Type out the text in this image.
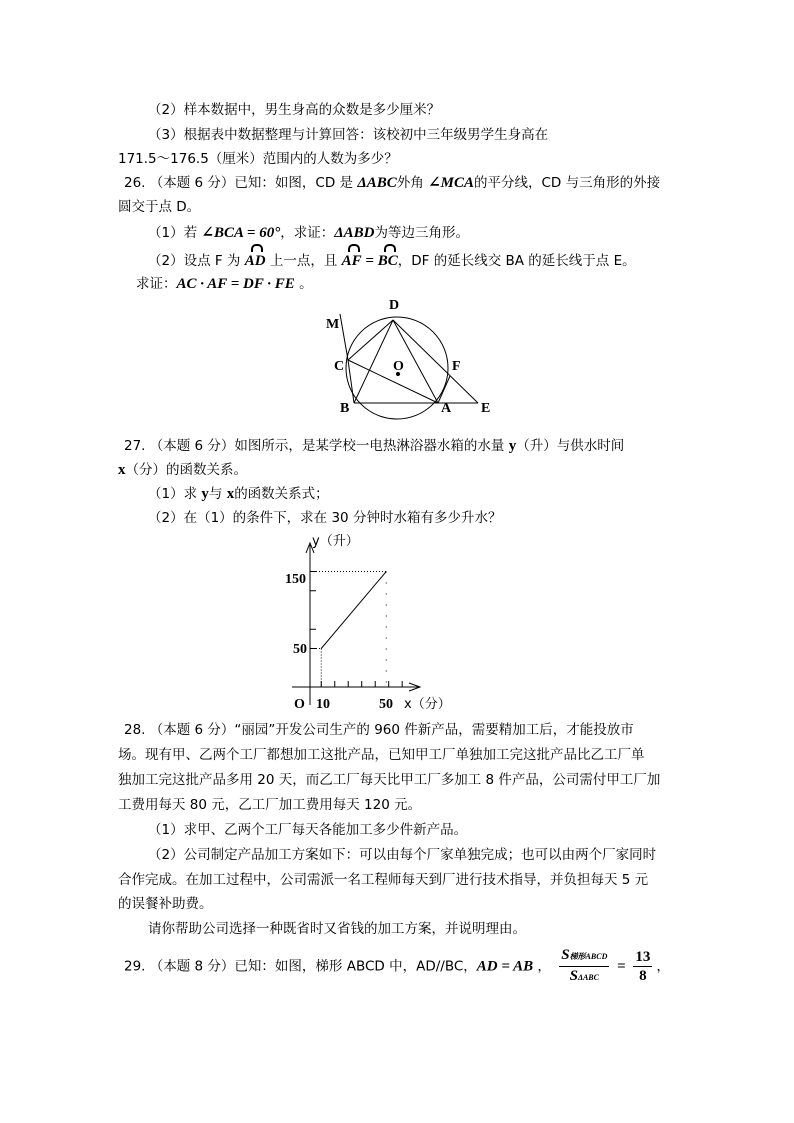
（2）样本数据中，男生身高的众数是多少厘米？
（3）根据表中数据整理与计算回答：该校初中三年级男学生身高在
171.5～176.5（厘米）范围内的人数为多少？
26. （本题 6 分）已知：如图，CD 是 ΔABC外角 ∠MCA的平分线，CD 与三角形的外接
圆交于点 D。
（1）若 ∠BCA = 60°，求证：ΔABD为等边三角形。
（2）设点 F 为 AD 上一点，且 AF = BC，DF 的延长线交 BA 的延长线于点 E。
求证：AC · AF = DF · FE 。
D
M
C	O	F
B	A E
27. （本题 6 分）如图所示，是某学校一电热淋浴器水箱的水量 y（升）与供水时间
x（分）的函数关系。
（1）求 y与 x的函数关系式；
（2）在（1）的条件下，求在 30 分钟时水箱有多少升水？
y（升）
O 10	50
50
150
x（分）
28. （本题 6 分）“丽园”开发公司生产的 960 件新产品，需要精加工后，才能投放市
场。现有甲、乙两个工厂都想加工这批产品，已知甲工厂单独加工完这批产品比乙工厂单
独加工完这批产品多用 20 天，而乙工厂每天比甲工厂多加工 8 件产品，公司需付甲工厂加
工费用每天 80 元，乙工厂加工费用每天 120 元。
（1）求甲、乙两个工厂每天各能加工多少件新产品。
（2）公司制定产品加工方案如下：可以由每个厂家单独完成；也可以由两个厂家同时
合作完成。在加工过程中，公司需派一名工程师每天到厂进行技术指导，并负担每天 5 元
的误餐补助费。
请你帮助公司选择一种既省时又省钱的加工方案，并说明理由。
29. （本题 8 分）已知：如图，梯形 ABCD 中，AD//BC，AD = AB ， $\frac{\text{S梯形ABCD}}{\text{SΔABC}} = \frac{13}{8}$ ，
